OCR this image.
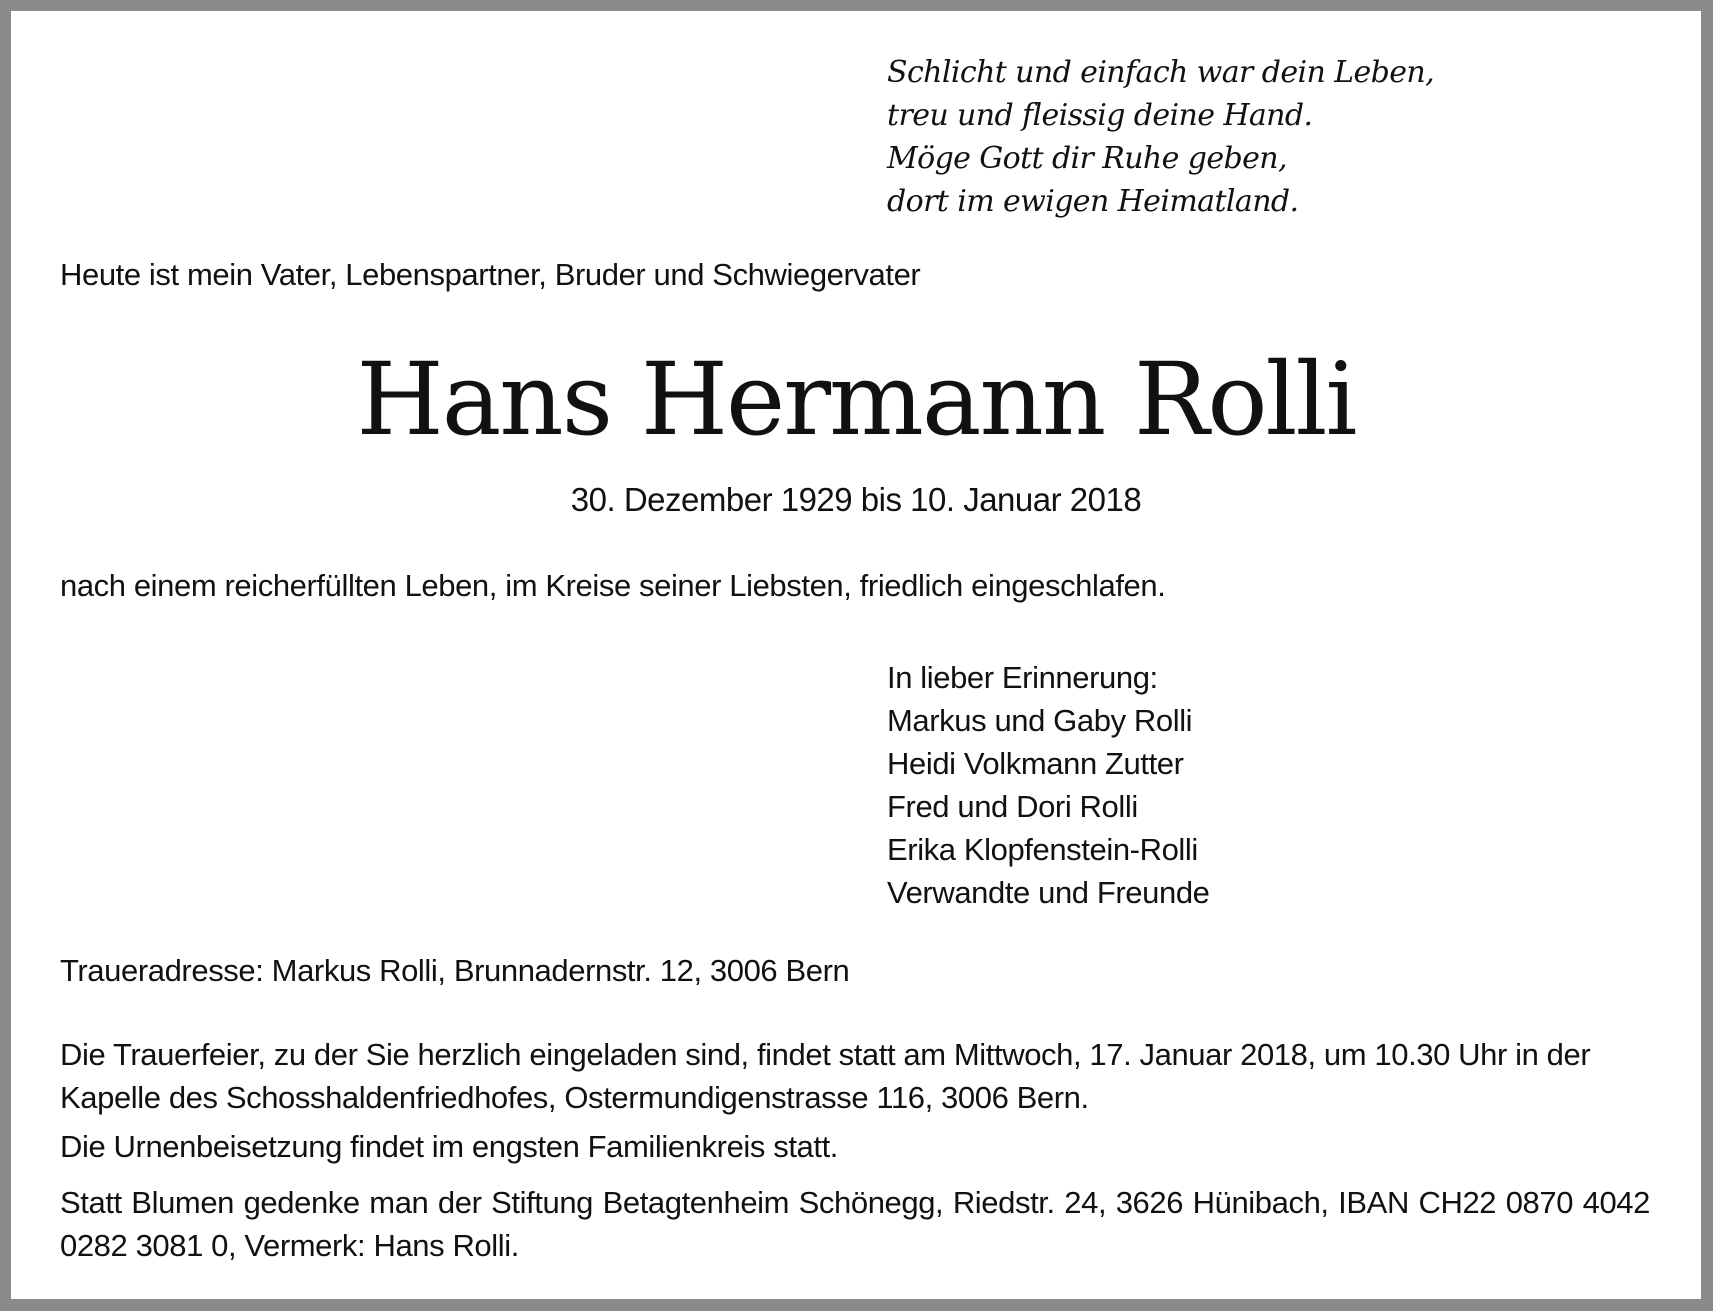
Schlicht und einfach war dein Leben,
treu und fleissig deine Hand.
Möge Gott dir Ruhe geben,
dort im ewigen Heimatland.

Heute ist mein Vater, Lebenspartner, Bruder und Schwiegervater

Hans Hermann Rolli

30. Dezember 1929 bis 10. Januar 2018

nach einem reicherfüllten Leben, im Kreise seiner Liebsten, friedlich eingeschlafen.

In lieber Erinnerung:
Markus und Gaby Rolli
Heidi Volkmann Zutter
Fred und Dori Rolli
Erika Klopfenstein-Rolli
Verwandte und Freunde

Traueradresse: Markus Rolli, Brunnadernstr. 12, 3006 Bern

Die Trauerfeier, zu der Sie herzlich eingeladen sind, findet statt am Mittwoch, 17. Januar 2018, um 10.30 Uhr in der Kapelle des Schosshaldenfriedhofes, Ostermundigenstrasse 116, 3006 Bern.

Die Urnenbeisetzung findet im engsten Familienkreis statt.

Statt Blumen gedenke man der Stiftung Betagtenheim Schönegg, Riedstr. 24, 3626 Hünibach, IBAN CH22 0870 4042 0282 3081 0, Vermerk: Hans Rolli.
